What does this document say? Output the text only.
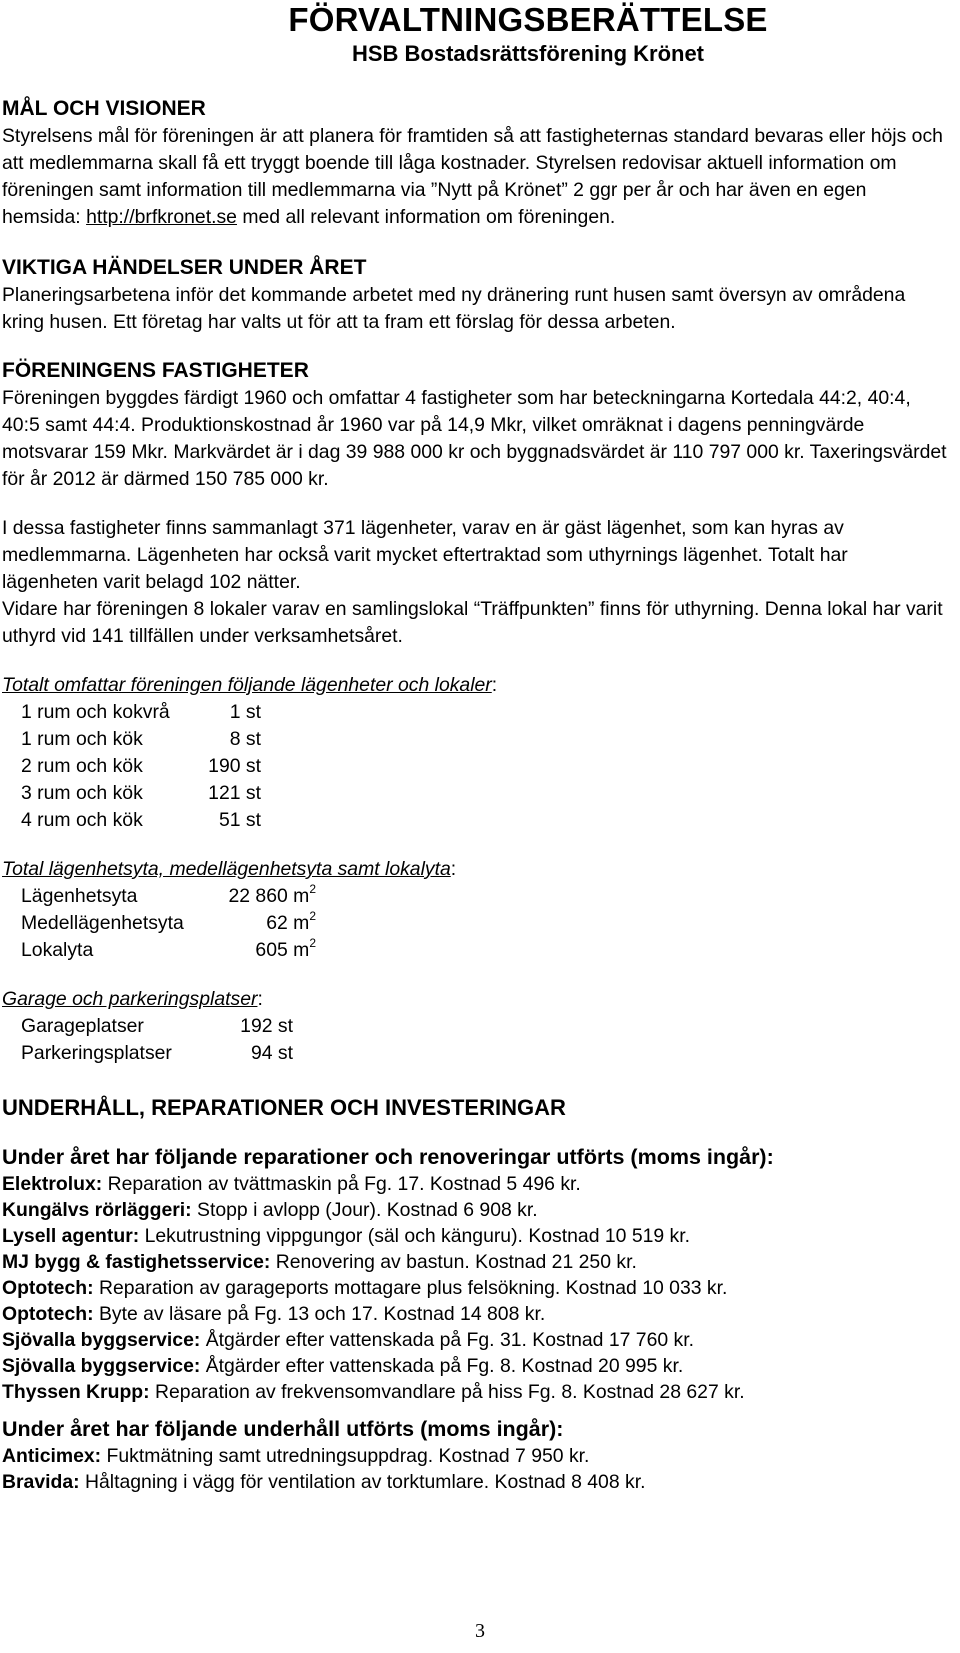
FÖRVALTNINGSBERÄTTELSE
HSB Bostadsrättsförening Krönet
MÅL OCH VISIONER

Styrelsens mål för föreningen är att planera för framtiden så att fastigheternas standard bevaras eller höjs och att medlemmarna skall få ett tryggt boende till låga kostnader. Styrelsen redovisar aktuell information om föreningen samt information till medlemmarna via ”Nytt på Krönet” 2 ggr per år och har även en egen hemsida: http://brfkronet.se med all relevant information om föreningen.

VIKTIGA HÄNDELSER UNDER ÅRET

Planeringsarbetena inför det kommande arbetet med ny dränering runt husen samt översyn av områdena kring husen. Ett företag har valts ut för att ta fram ett förslag för dessa arbeten.

FÖRENINGENS FASTIGHETER

Föreningen byggdes färdigt 1960 och omfattar 4 fastigheter som har beteckningarna Kortedala 44:2, 40:4, 40:5 samt 44:4. Produktionskostnad år 1960 var på 14,9 Mkr, vilket omräknat i dagens penningvärde motsvarar 159 Mkr. Markvärdet är i dag 39 988 000 kr och byggnadsvärdet är 110 797 000 kr. Taxeringsvärdet för år 2012 är därmed 150 785 000 kr.

I dessa fastigheter finns sammanlagt 371 lägenheter, varav en är gäst lägenhet, som kan hyras av medlemmarna. Lägenheten har också varit mycket eftertraktad som uthyrnings lägenhet. Totalt har lägenheten varit belagd 102 nätter.

Vidare har föreningen 8 lokaler varav en samlingslokal “Träffpunkten” finns för uthyrning. Denna lokal har varit uthyrd vid 141 tillfällen under verksamhetsåret.

Totalt omfattar föreningen följande lägenheter och lokaler:

1 rum och kokvrå	1 st
1 rum och kök	8 st
2 rum och kök	190 st
3 rum och kök	121 st
4 rum och kök	51 st

Total lägenhetsyta, medellägenhetsyta samt lokalyta:

Lägenhetsyta	22 860 $m^2$
Medellägenhetsyta	62 $m^2$
Lokalyta	605 $m^2$

Garage och parkeringsplatser:

Garageplatser	192 st
Parkeringsplatser	94 st
UNDERHÅLL, REPARATIONER OCH INVESTERINGAR
Under året har följande reparationer och renoveringar utförts (moms ingår):

Elektrolux: Reparation av tvättmaskin på Fg. 17. Kostnad 5 496 kr.

Kungälvs rörläggeri: Stopp i avlopp (Jour). Kostnad 6 908 kr.

Lysell agentur: Lekutrustning vippgungor (säl och känguru). Kostnad 10 519 kr.

MJ bygg & fastighetsservice: Renovering av bastun. Kostnad 21 250 kr.

Optotech: Reparation av garageports mottagare plus felsökning. Kostnad 10 033 kr.

Optotech: Byte av läsare på Fg. 13 och 17. Kostnad 14 808 kr.

Sjövalla byggservice: Åtgärder efter vattenskada på Fg. 31. Kostnad 17 760 kr.

Sjövalla byggservice: Åtgärder efter vattenskada på Fg. 8. Kostnad 20 995 kr.

Thyssen Krupp: Reparation av frekvensomvandlare på hiss Fg. 8. Kostnad 28 627 kr.

Under året har följande underhåll utförts (moms ingår):

Anticimex: Fuktmätning samt utredningsuppdrag. Kostnad 7 950 kr.

Bravida: Håltagning i vägg för ventilation av torktumlare. Kostnad 8 408 kr.

3
